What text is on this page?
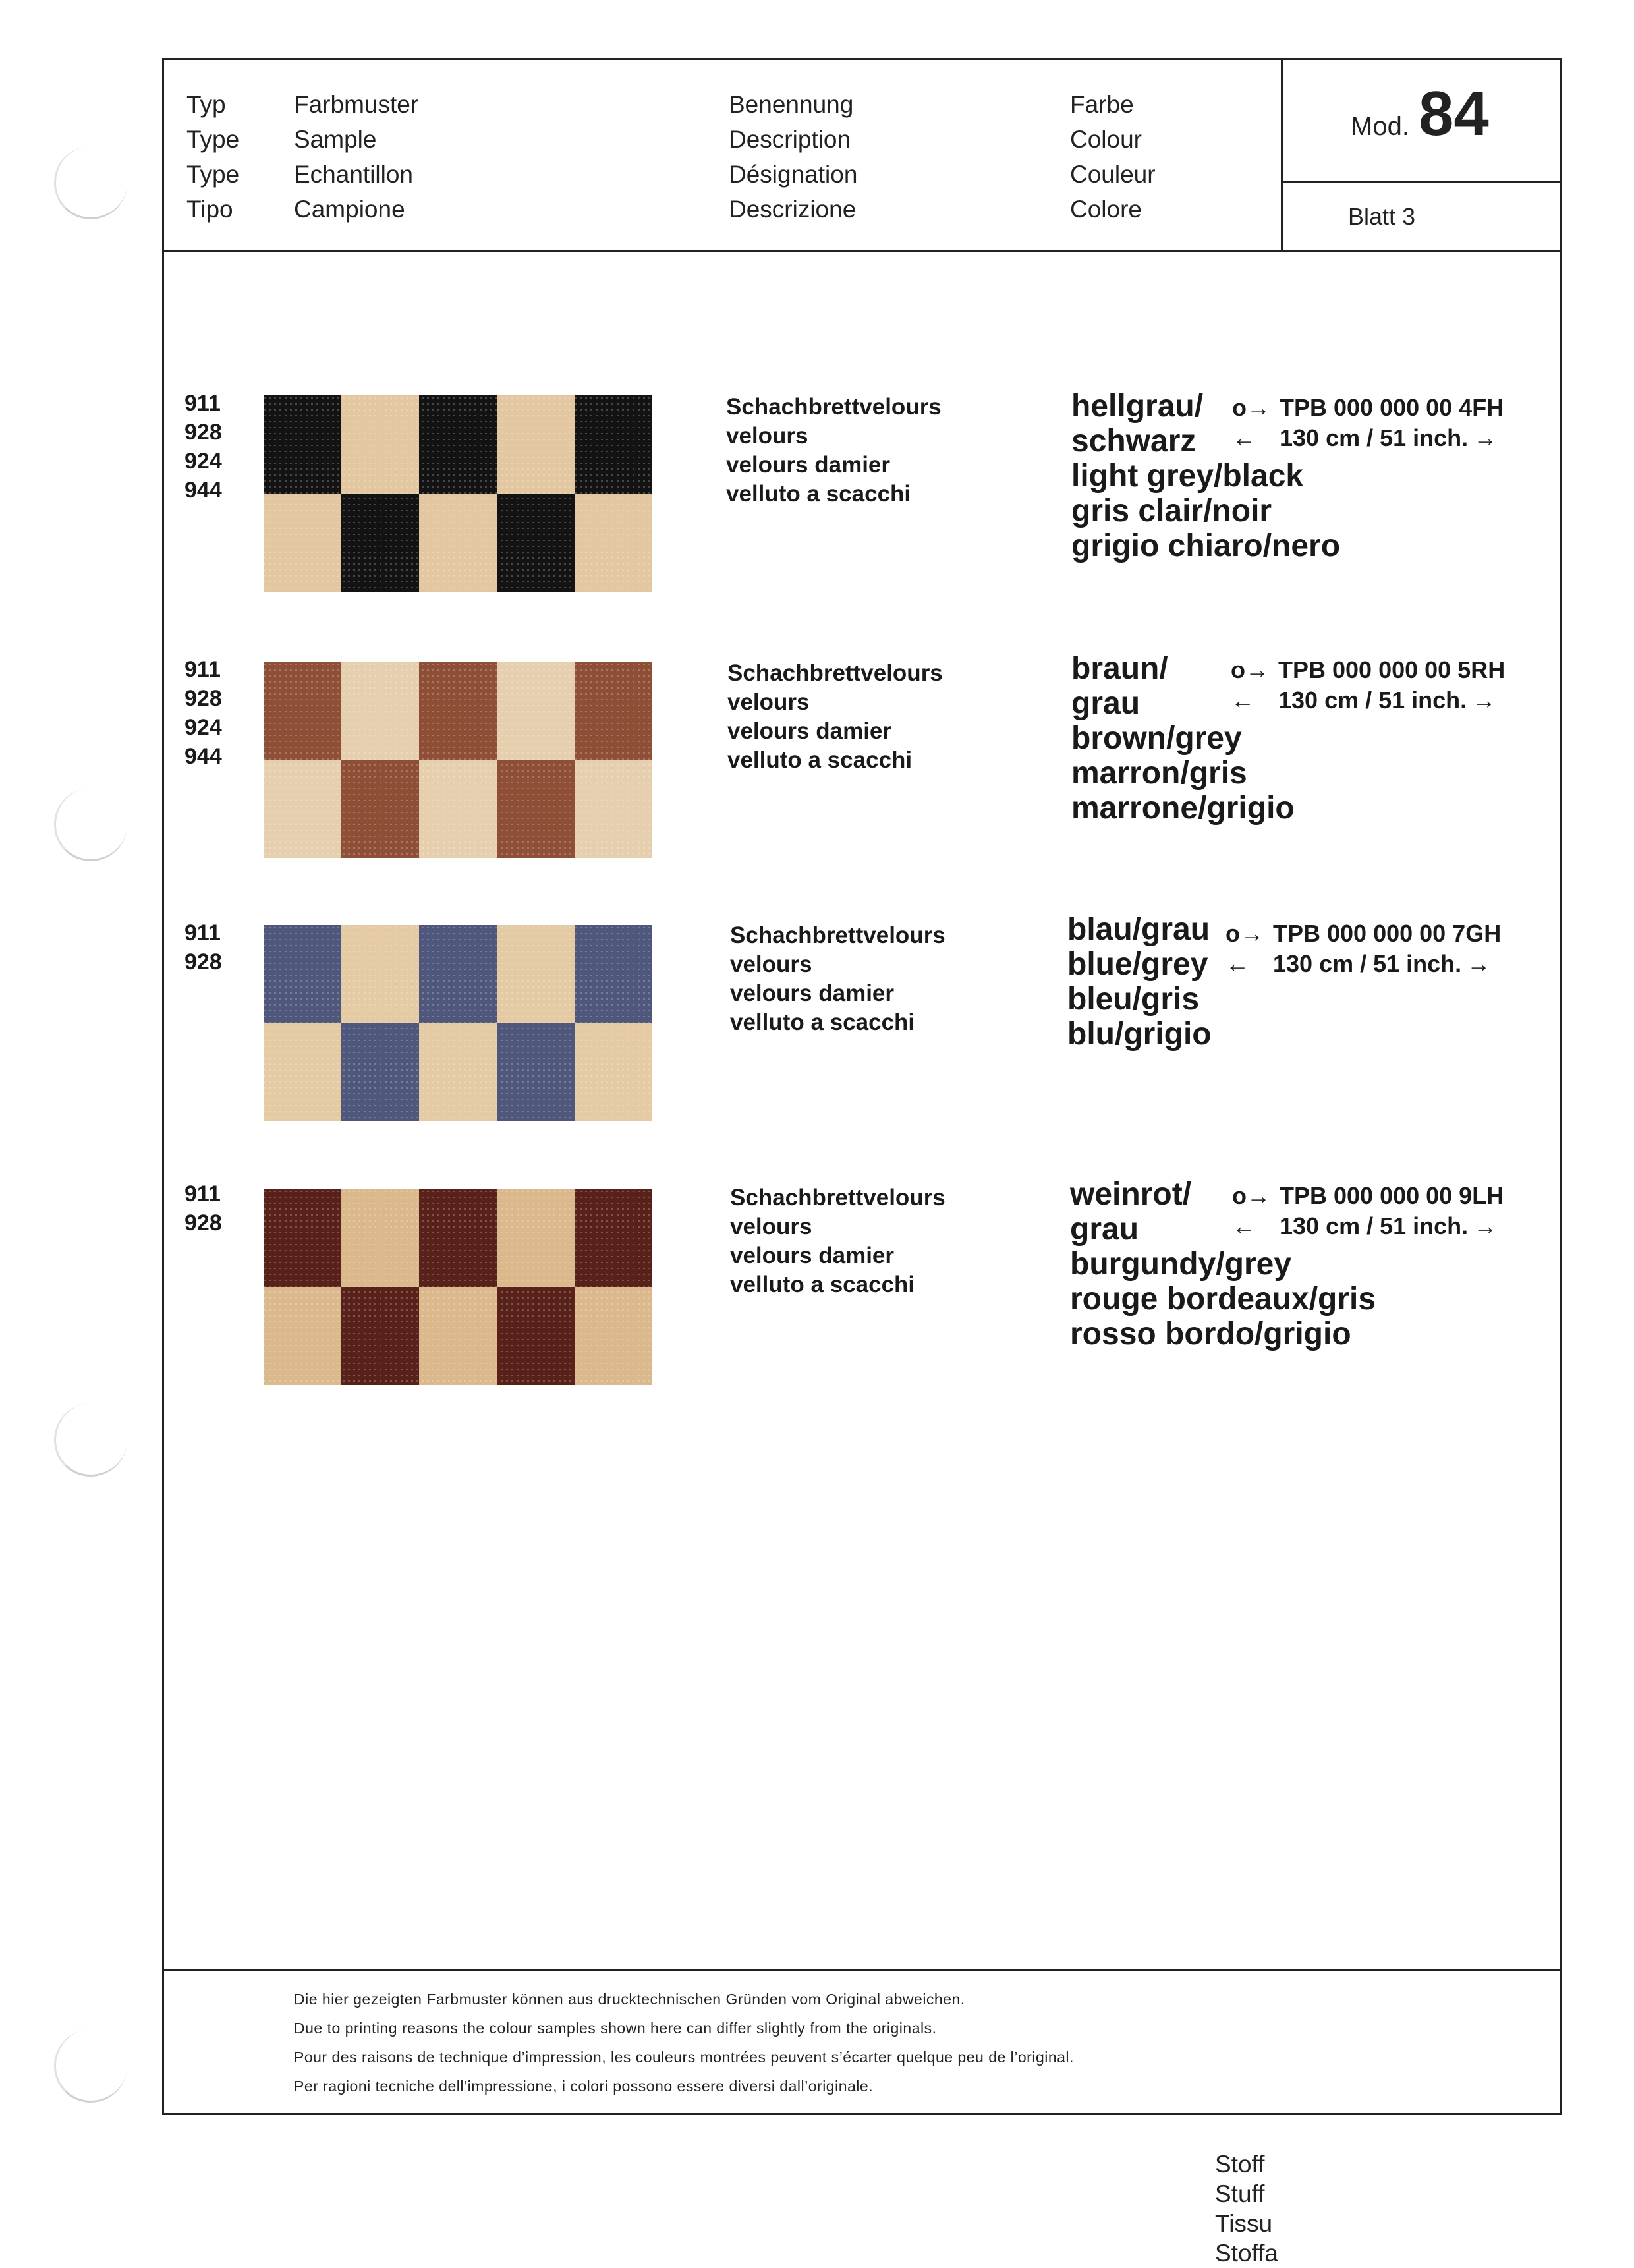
Typ
Type
Type
Tipo
Farbmuster
Sample
Echantillon
Campione
Benennung
Description
Désignation
Descrizione
Farbe
Colour
Couleur
Colore
Mod. 84
Blatt 3
911
928
924
944
Schachbrettvelours
velours
velours damier
velluto a scacchi
hellgrau/
schwarz
light grey/black
gris clair/noir
grigio chiaro/nero
o→ TPB 000 000 00 4FH
← 130 cm / 51 inch. →
911
928
924
944
Schachbrettvelours
velours
velours damier
velluto a scacchi
braun/
grau
brown/grey
marron/gris
marrone/grigio
o→ TPB 000 000 00 5RH
← 130 cm / 51 inch. →
911
928
Schachbrettvelours
velours
velours damier
velluto a scacchi
blau/grau
blue/grey
bleu/gris
blu/grigio
o→ TPB 000 000 00 7GH
← 130 cm / 51 inch. →
911
928
Schachbrettvelours
velours
velours damier
velluto a scacchi
weinrot/
grau
burgundy/grey
rouge bordeaux/gris
rosso bordo/grigio
o→ TPB 000 000 00 9LH
← 130 cm / 51 inch. →
Die hier gezeigten Farbmuster können aus drucktechnischen Gründen vom Original abweichen.
Due to printing reasons the colour samples shown here can differ slightly from the originals.
Pour des raisons de technique d’impression, les couleurs montrées peuvent s’écarter quelque peu de l’original.
Per ragioni tecniche dell’impressione, i colori possono essere diversi dall’originale.
Stoff
Stuff
Tissu
Stoffa
